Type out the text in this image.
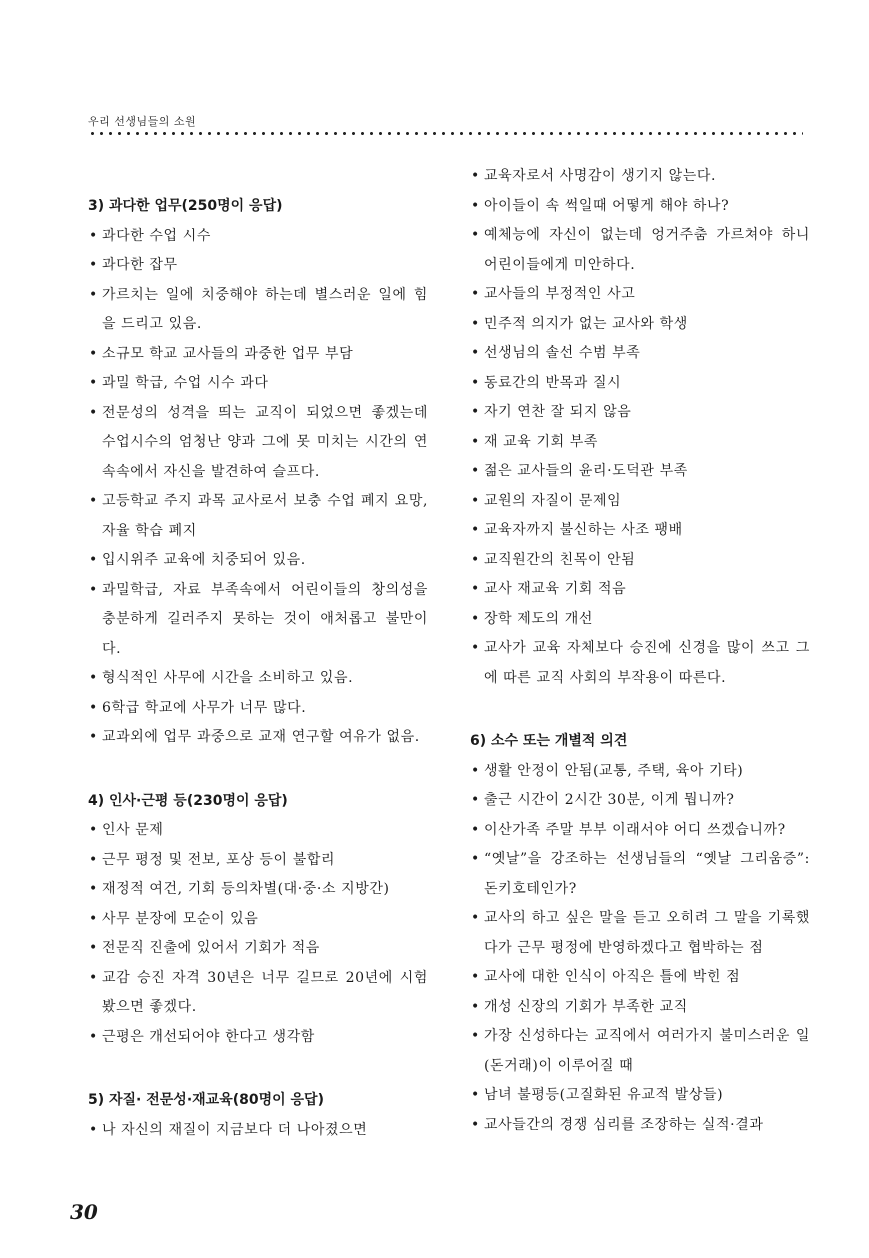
우리 선생님들의 소원
3) 과다한 업무(250명이 응답)
• 과다한 수업 시수
• 과다한 잡무
• 가르치는 일에 치중해야 하는데 별스러운 일에 힘을 드리고 있음.
• 소규모 학교 교사들의 과중한 업무 부담
• 과밀 학급, 수업 시수 과다
• 전문성의 성격을 띄는 교직이 되었으면 좋겠는데 수업시수의 엄청난 양과 그에 못 미치는 시간의 연속속에서 자신을 발견하여 슬프다.
• 고등학교 주지 과목 교사로서 보충 수업 폐지 요망, 자율 학습 폐지
• 입시위주 교육에 치중되어 있음.
• 과밀학급, 자료 부족속에서 어린이들의 창의성을 충분하게 길러주지 못하는 것이 애처롭고 불만이다.
• 형식적인 사무에 시간을 소비하고 있음.
• 6학급 학교에 사무가 너무 많다.
• 교과외에 업무 과중으로 교재 연구할 여유가 없음.
4) 인사·근평 등(230명이 응답)
• 인사 문제
• 근무 평정 및 전보, 포상 등이 불합리
• 재정적 여건, 기회 등의차별(대·중·소 지방간)
• 사무 분장에 모순이 있음
• 전문직 진출에 있어서 기회가 적음
• 교감 승진 자격 30년은 너무 길므로 20년에 시험 봤으면 좋겠다.
• 근평은 개선되어야 한다고 생각함
5) 자질· 전문성·재교육(80명이 응답)
• 나 자신의 재질이 지금보다 더 나아졌으면
• 교육자로서 사명감이 생기지 않는다.
• 아이들이 속 썩일때 어떻게 해야 하나?
• 예체능에 자신이 없는데 엉거주춤 가르쳐야 하니 어린이들에게 미안하다.
• 교사들의 부정적인 사고
• 민주적 의지가 없는 교사와 학생
• 선생님의 솔선 수범 부족
• 동료간의 반목과 질시
• 자기 연찬 잘 되지 않음
• 재 교육 기회 부족
• 젊은 교사들의 윤리·도덕관 부족
• 교원의 자질이 문제임
• 교육자까지 불신하는 사조 팽배
• 교직원간의 친목이 안됨
• 교사 재교육 기회 적음
• 장학 제도의 개선
• 교사가 교육 자체보다 승진에 신경을 많이 쓰고 그에 따른 교직 사회의 부작용이 따른다.
6) 소수 또는 개별적 의견
• 생활 안정이 안됨(교통, 주택, 육아 기타)
• 출근 시간이 2시간 30분, 이게 뭡니까?
• 이산가족 주말 부부 이래서야 어디 쓰겠습니까?
• “옛날”을 강조하는 선생님들의 “옛날 그리움증”: 돈키호테인가?
• 교사의 하고 싶은 말을 듣고 오히려 그 말을 기록했다가 근무 평정에 반영하겠다고 협박하는 점
• 교사에 대한 인식이 아직은 틀에 박힌 점
• 개성 신장의 기회가 부족한 교직
• 가장 신성하다는 교직에서 여러가지 불미스러운 일(돈거래)이 이루어질 때
• 남녀 불평등(고질화된 유교적 발상들)
• 교사들간의 경쟁 심리를 조장하는 실적·결과
30
